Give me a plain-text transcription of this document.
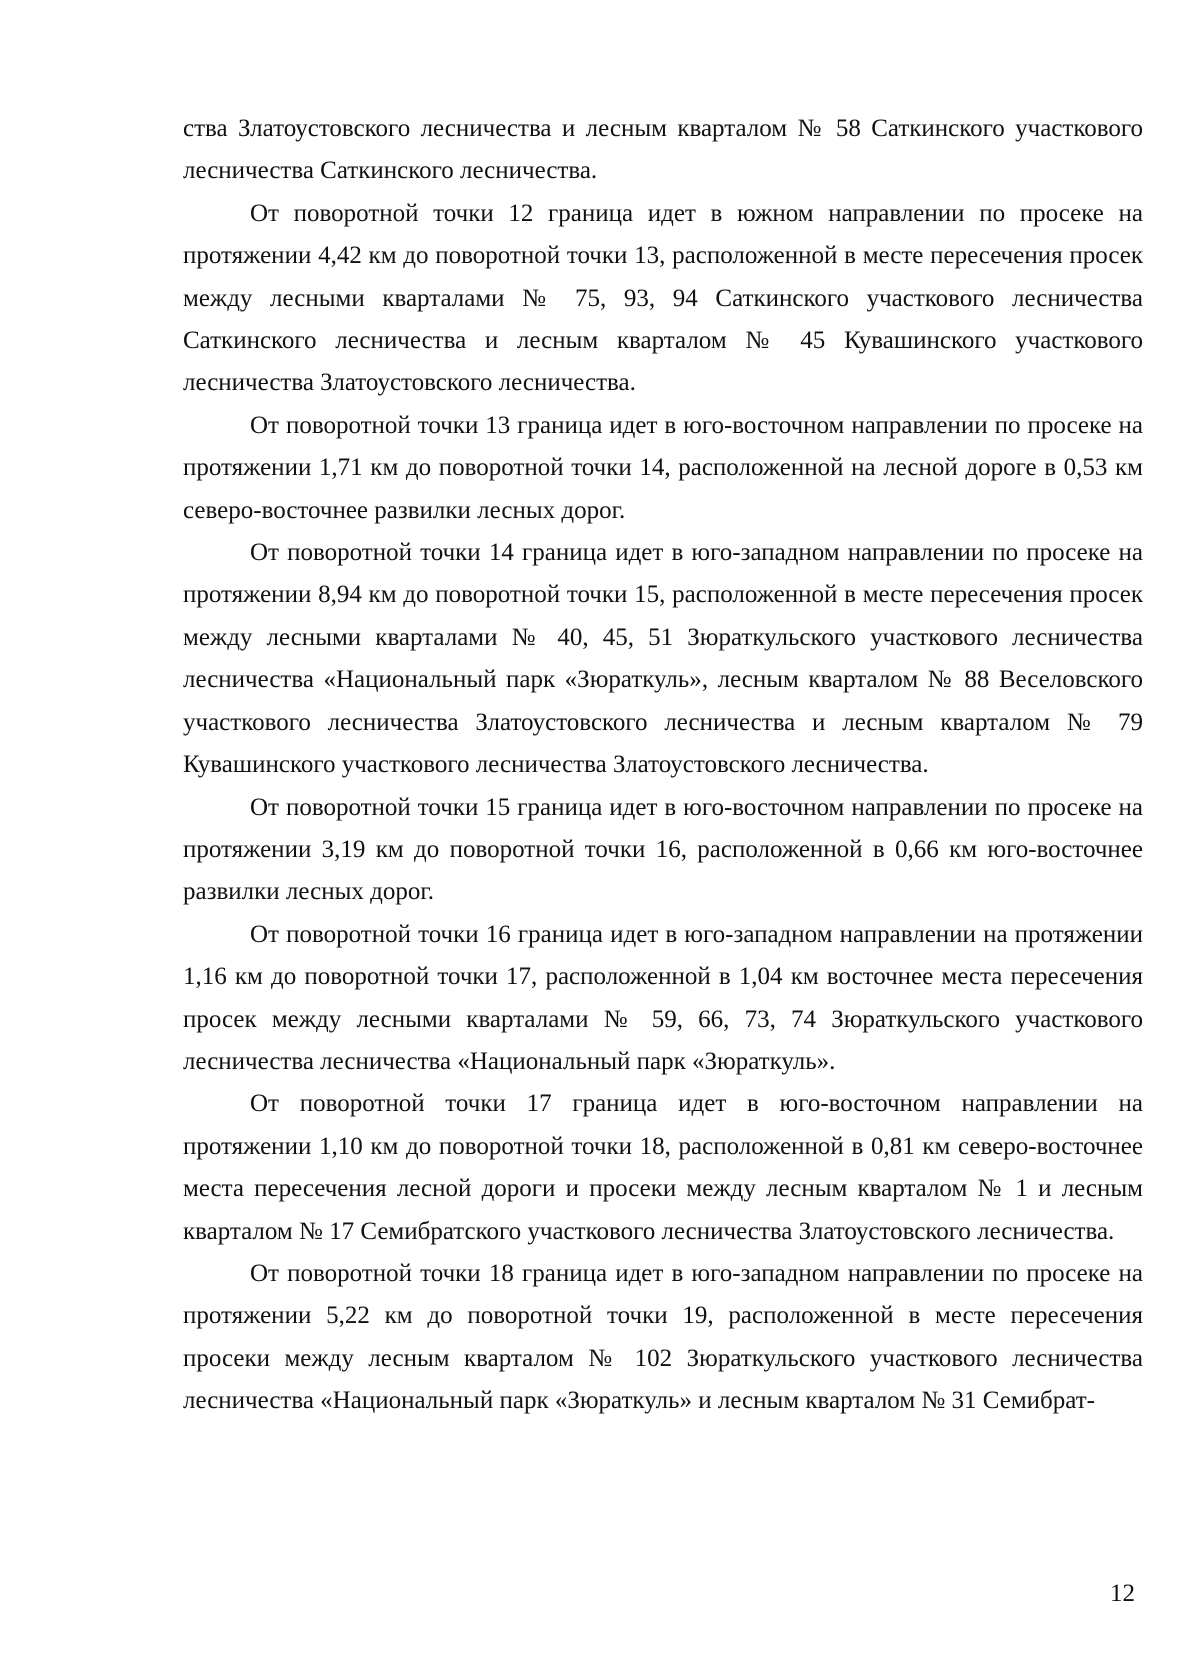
ства Златоустовского лесничества и лесным кварталом № 58 Саткинского участкового лесничества Саткинского лесничества.

От поворотной точки 12 граница идет в южном направлении по просеке на протяжении 4,42 км до поворотной точки 13, расположенной в месте пересечения просек между лесными кварталами № 75, 93, 94 Саткинского участкового лесничества Саткинского лесничества и лесным кварталом № 45 Кувашинского участкового лесничества Златоустовского лесничества.

От поворотной точки 13 граница идет в юго-восточном направлении по просеке на протяжении 1,71 км до поворотной точки 14, расположенной на лесной дороге в 0,53 км северо-восточнее развилки лесных дорог.

От поворотной точки 14 граница идет в юго-западном направлении по просеке на протяжении 8,94 км до поворотной точки 15, расположенной в месте пересечения просек между лесными кварталами № 40, 45, 51 Зюраткульского участкового лесничества лесничества «Национальный парк «Зюраткуль», лесным кварталом № 88 Веселовского участкового лесничества Златоустовского лесничества и лесным кварталом № 79 Кувашинского участкового лесничества Златоустовского лесничества.

От поворотной точки 15 граница идет в юго-восточном направлении по просеке на протяжении 3,19 км до поворотной точки 16, расположенной в 0,66 км юго-восточнее развилки лесных дорог.

От поворотной точки 16 граница идет в юго-западном направлении на протяжении 1,16 км до поворотной точки 17, расположенной в 1,04 км восточнее места пересечения просек между лесными кварталами № 59, 66, 73, 74 Зюраткульского участкового лесничества лесничества «Национальный парк «Зюраткуль».

От поворотной точки 17 граница идет в юго-восточном направлении на протяжении 1,10 км до поворотной точки 18, расположенной в 0,81 км северо-восточнее места пересечения лесной дороги и просеки между лесным кварталом № 1 и лесным кварталом № 17 Семибратского участкового лесничества Златоустовского лесничества.

От поворотной точки 18 граница идет в юго-западном направлении по просеке на протяжении 5,22 км до поворотной точки 19, расположенной в месте пересечения просеки между лесным кварталом № 102 Зюраткульского участкового лесничества лесничества «Национальный парк «Зюраткуль» и лесным кварталом № 31 Семибрат-

12
